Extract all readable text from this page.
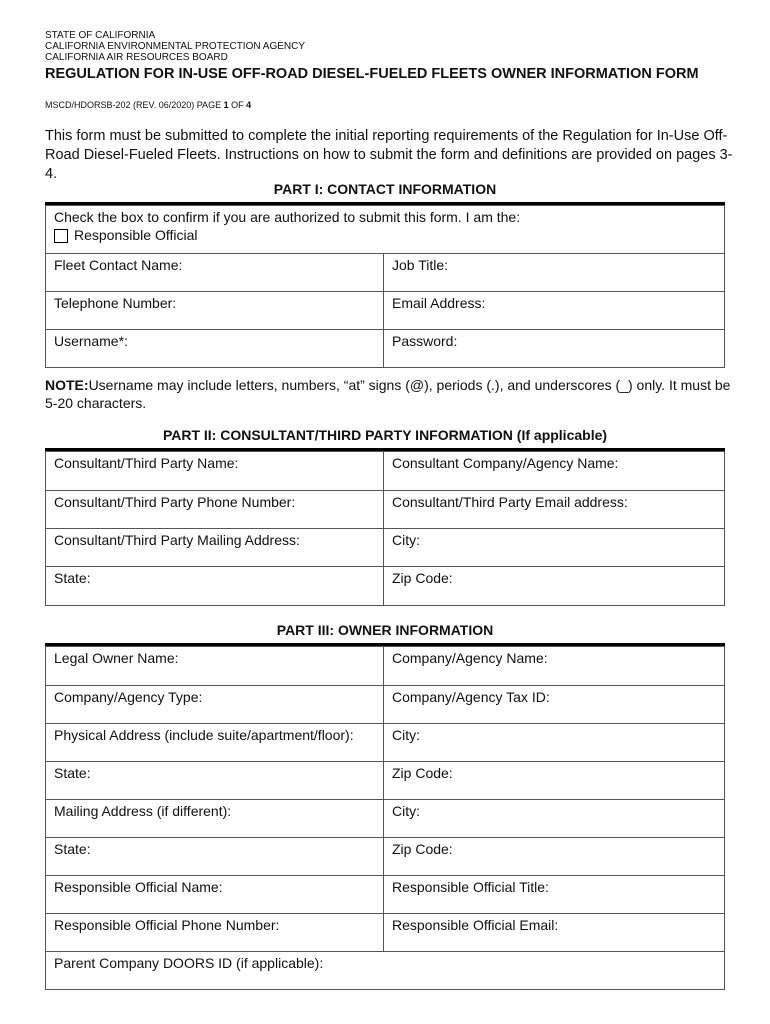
STATE OF CALIFORNIA
CALIFORNIA ENVIRONMENTAL PROTECTION AGENCY
CALIFORNIA AIR RESOURCES BOARD
REGULATION FOR IN-USE OFF-ROAD DIESEL-FUELED FLEETS OWNER INFORMATION FORM
MSCD/HDORSB-202 (REV. 06/2020) PAGE 1 OF 4
This form must be submitted to complete the initial reporting requirements of the Regulation for In-Use Off-Road Diesel-Fueled Fleets. Instructions on how to submit the form and definitions are provided on pages 3-4.
PART I: CONTACT INFORMATION
Check the box to confirm if you are authorized to submit this form. I am the:
Responsible Official	

Fleet Contact Name:	Job Title:
Telephone Number:	Email Address:
Username*:	Password:
NOTE:Username may include letters, numbers, “at” signs (@), periods (.), and underscores (_) only. It must be 5-20 characters.
PART II: CONSULTANT/THIRD PARTY INFORMATION (If applicable)
Consultant/Third Party Name:	Consultant Company/Agency Name:
Consultant/Third Party Phone Number:	Consultant/Third Party Email address:
Consultant/Third Party Mailing Address:	City:
State:	Zip Code:
PART III: OWNER INFORMATION
Legal Owner Name:	Company/Agency Name:
Company/Agency Type:	Company/Agency Tax ID:
Physical Address (include suite/apartment/floor):	City:
State:	Zip Code:
Mailing Address (if different):	City:
State:	Zip Code:
Responsible Official Name:	Responsible Official Title:
Responsible Official Phone Number:	Responsible Official Email:
Parent Company DOORS ID (if applicable):	
